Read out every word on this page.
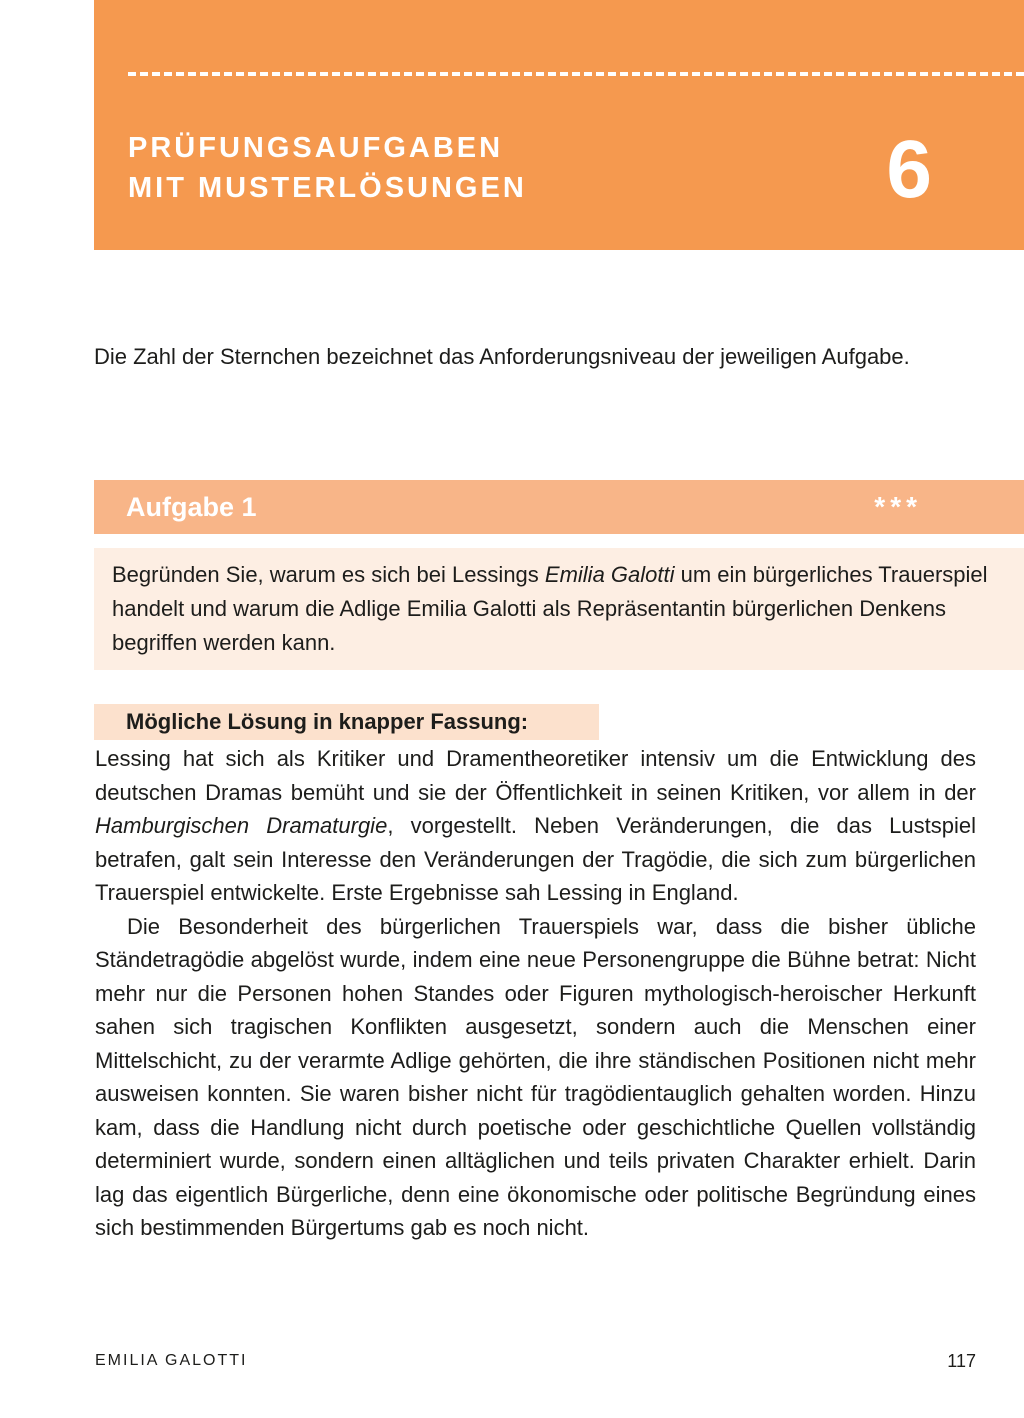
PRÜFUNGSAUFGABEN
MIT MUSTERLÖSUNGEN	6
Die Zahl der Sternchen bezeichnet das Anforderungsniveau der jeweiligen Aufgabe.
Aufgabe 1	***
Begründen Sie, warum es sich bei Lessings Emilia Galotti um ein bürgerliches Trauerspiel handelt und warum die Adlige Emilia Galotti als Repräsentantin bürgerlichen Denkens begriffen werden kann.
Mögliche Lösung in knapper Fassung:

Lessing hat sich als Kritiker und Dramentheoretiker intensiv um die Entwicklung des deutschen Dramas bemüht und sie der Öffentlichkeit in seinen Kritiken, vor allem in der Hamburgischen Dramaturgie, vorgestellt. Neben Veränderungen, die das Lustspiel betrafen, galt sein Interesse den Veränderungen der Tragödie, die sich zum bürgerlichen Trauerspiel entwickelte. Erste Ergebnisse sah Lessing in England.

Die Besonderheit des bürgerlichen Trauerspiels war, dass die bisher übliche Ständetragödie abgelöst wurde, indem eine neue Personengruppe die Bühne betrat: Nicht mehr nur die Personen hohen Standes oder Figuren mythologisch-heroischer Herkunft sahen sich tragischen Konflikten ausgesetzt, sondern auch die Menschen einer Mittelschicht, zu der verarmte Adlige gehörten, die ihre ständischen Positionen nicht mehr ausweisen konnten. Sie waren bisher nicht für tragödientauglich gehalten worden. Hinzu kam, dass die Handlung nicht durch poetische oder geschichtliche Quellen vollständig determiniert wurde, sondern einen alltäglichen und teils privaten Charakter erhielt. Darin lag das eigentlich Bürgerliche, denn eine ökonomische oder politische Begründung eines sich bestimmenden Bürgertums gab es noch nicht.

EMILIA GALOTTI	117
